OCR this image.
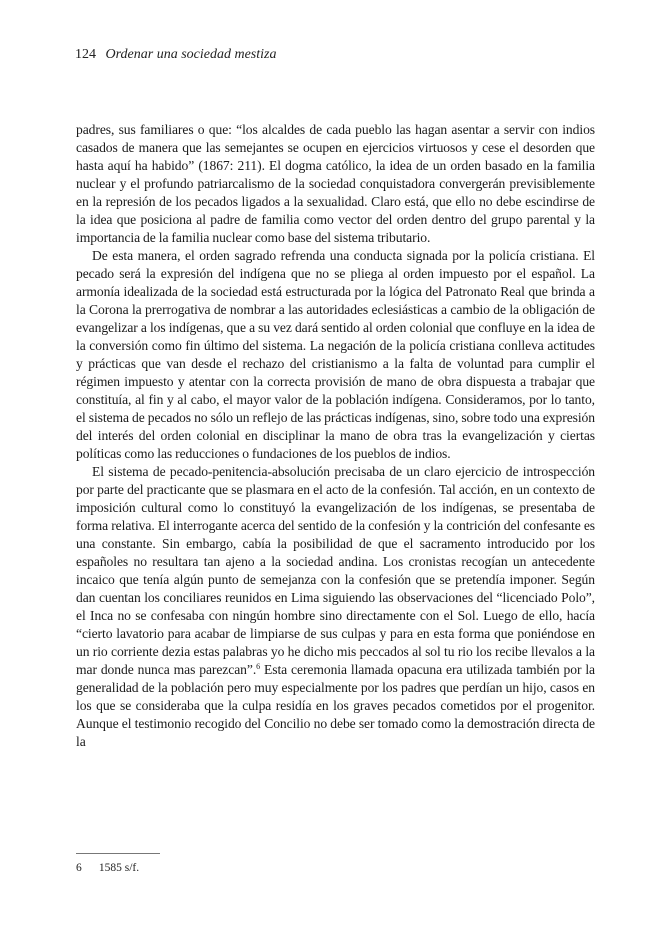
124 Ordenar una sociedad mestiza

padres, sus familiares o que: “los alcaldes de cada pueblo las hagan asentar a servir con indios casados de manera que las semejantes se ocupen en ejercicios virtuosos y cese el desorden que hasta aquí ha habido” (1867: 211). El dogma católico, la idea de un orden basado en la familia nuclear y el profundo patriarcalismo de la sociedad conquistadora convergerán previsiblemente en la represión de los pecados ligados a la sexualidad. Claro está, que ello no debe escindirse de la idea que posiciona al padre de familia como vector del orden dentro del grupo parental y la importancia de la familia nuclear como base del sistema tributario.

De esta manera, el orden sagrado refrenda una conducta signada por la policía cristiana. El pecado será la expresión del indígena que no se pliega al orden impuesto por el español. La armonía idealizada de la sociedad está estructurada por la lógica del Patronato Real que brinda a la Corona la prerrogativa de nombrar a las autoridades eclesiásticas a cambio de la obligación de evangelizar a los indígenas, que a su vez dará sentido al orden colonial que confluye en la idea de la conversión como fin último del sistema. La negación de la policía cristiana conlleva actitudes y prácticas que van desde el rechazo del cristianismo a la falta de voluntad para cumplir el régimen impuesto y atentar con la correcta provisión de mano de obra dispuesta a trabajar que constituía, al fin y al cabo, el mayor valor de la población indígena. Consideramos, por lo tanto, el sistema de pecados no sólo un reflejo de las prácticas indígenas, sino, sobre todo una expresión del interés del orden colonial en disciplinar la mano de obra tras la evangelización y ciertas políticas como las reducciones o fundaciones de los pueblos de indios.

El sistema de pecado-penitencia-absolución precisaba de un claro ejercicio de introspección por parte del practicante que se plasmara en el acto de la confesión. Tal acción, en un contexto de imposición cultural como lo constituyó la evangelización de los indígenas, se presentaba de forma relativa. El interrogante acerca del sentido de la confesión y la contrición del confesante es una constante. Sin embargo, cabía la posibilidad de que el sacramento introducido por los españoles no resultara tan ajeno a la sociedad andina. Los cronistas recogían un antecedente incaico que tenía algún punto de semejanza con la confesión que se pretendía imponer. Según dan cuentan los conciliares reunidos en Lima siguiendo las observaciones del “licenciado Polo”, el Inca no se confesaba con ningún hombre sino directamente con el Sol. Luego de ello, hacía “cierto lavatorio para acabar de limpiarse de sus culpas y para en esta forma que poniéndose en un rio corriente dezia estas palabras yo he dicho mis peccados al sol tu rio los recibe llevalos a la mar donde nunca mas parezcan”.$^6$ Esta ceremonia llamada opacuna era utilizada también por la generalidad de la población pero muy especialmente por los padres que perdían un hijo, casos en los que se consideraba que la culpa residía en los graves pecados cometidos por el progenitor. Aunque el testimonio recogido del Concilio no debe ser tomado como la demostración directa de la

6 1585 s/f.
